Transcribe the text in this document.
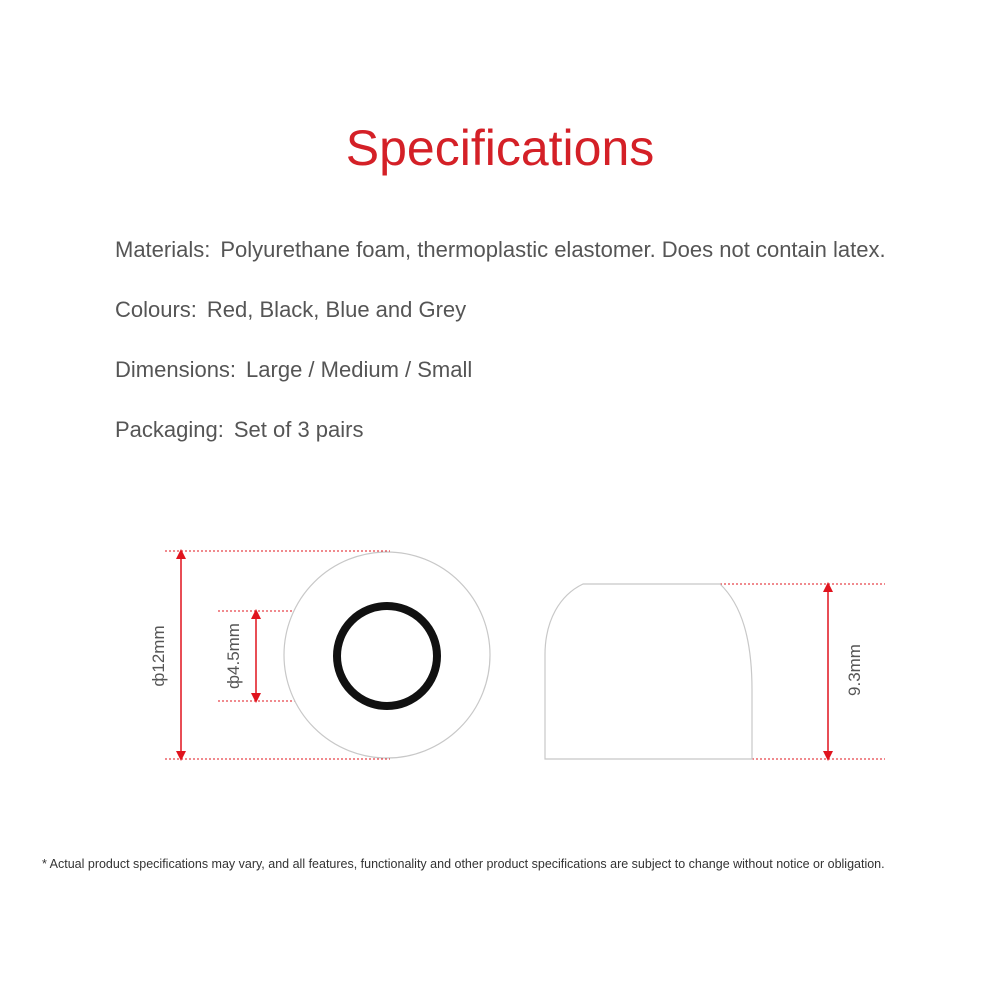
Specifications
Materials: Polyurethane foam, thermoplastic elastomer. Does not contain latex.
Colours: Red, Black, Blue and Grey
Dimensions: Large / Medium / Small
Packaging: Set of 3 pairs
ф12mm	ф4.5mm	9.3mm
* Actual product specifications may vary, and all features, functionality and other product specifications are subject to change without notice or obligation.
